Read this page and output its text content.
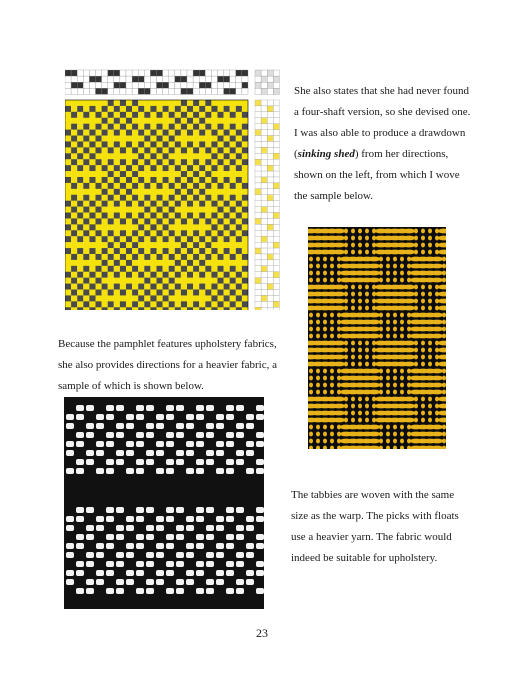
She also states that she had never found a four-shaft version, so she devised one. I was also able to produce a drawdown (sinking shed) from her directions, shown on the left, from which I wove the sample below.

Because the pamphlet features upholstery fabrics, she also provides directions for a heavier fabric, a sample of which is shown below.

The tabbies are woven with the same size as the warp. The picks with floats use a heavier yarn. The fabric would indeed be suitable for upholstery.

23
